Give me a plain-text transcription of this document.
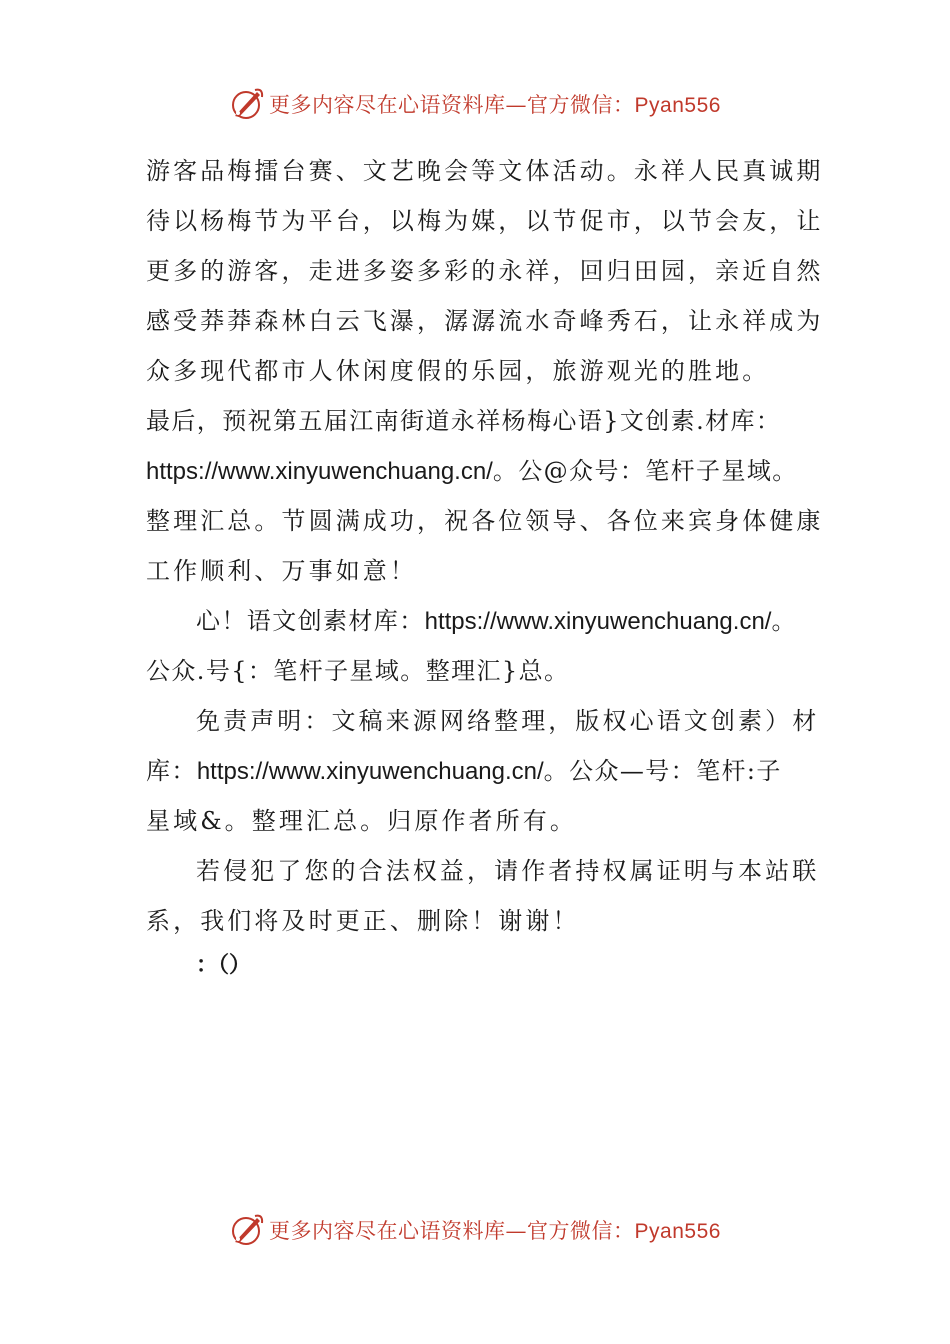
更多内容尽在心语资料库—官方微信：Pyan556
游客品梅擂台赛、文艺晚会等文体活动。永祥人民真诚期
待以杨梅节为平台，以梅为媒，以节促市，以节会友，让
更多的游客，走进多姿多彩的永祥，回归田园，亲近自然
感受莽莽森林白云飞瀑，潺潺流水奇峰秀石，让永祥成为
众多现代都市人休闲度假的乐园，旅游观光的胜地。
最后，预祝第五届江南街道永祥杨梅心语}文创素.材库：
https://www.xinyuwenchuang.cn/。公@众号：笔杆子星域。
整理汇总。节圆满成功，祝各位领导、各位来宾身体健康
工作顺利、万事如意！
心！语文创素材库：https://www.xinyuwenchuang.cn/。
公众.号{：笔杆子星域。整理汇}总。
免责声明：文稿来源网络整理，版权心语文创素）材
库：https://www.xinyuwenchuang.cn/。公众—号：笔杆:子
星域&。整理汇总。归原作者所有。
若侵犯了您的合法权益，请作者持权属证明与本站联
系，我们将及时更正、删除！谢谢！
：（）
更多内容尽在心语资料库—官方微信：Pyan556
